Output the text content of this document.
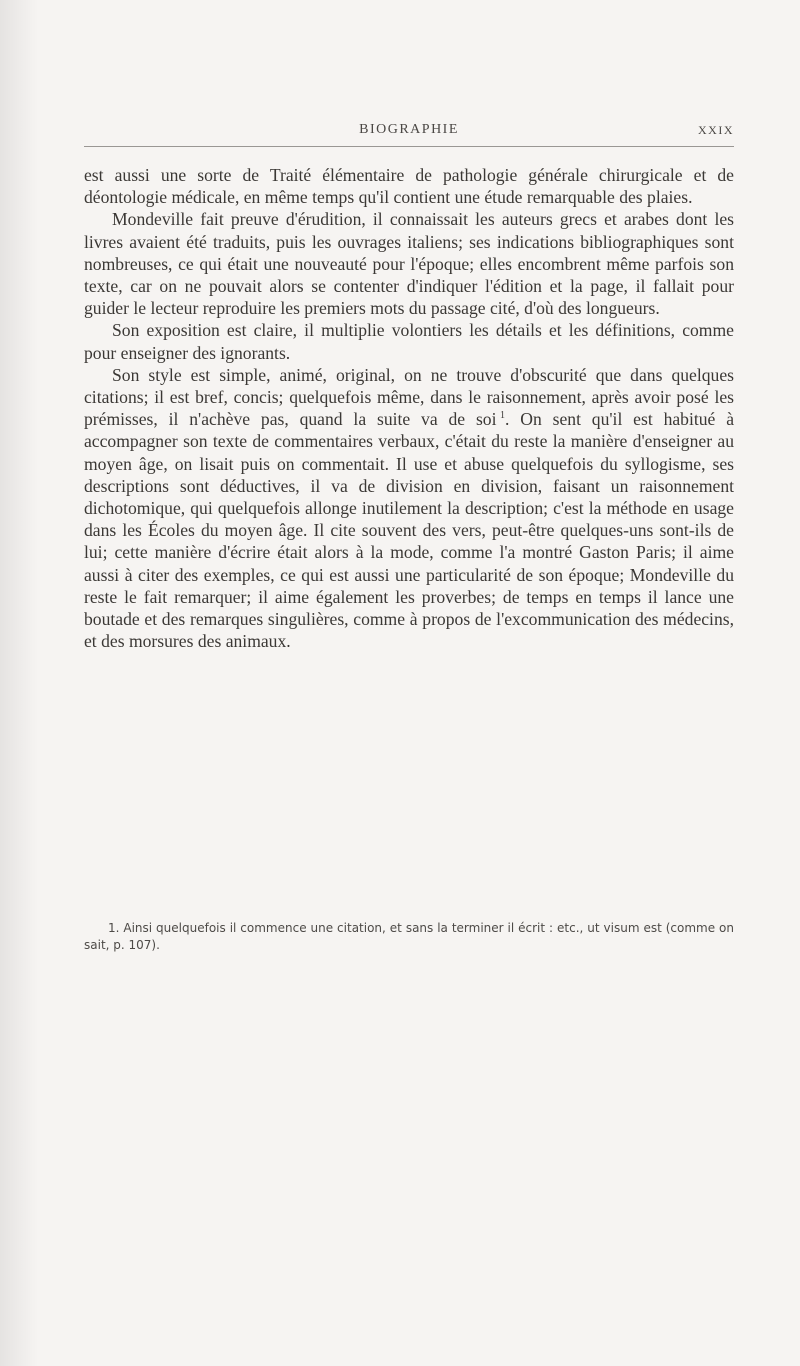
BIOGRAPHIE	XXIX

est aussi une sorte de Traité élémentaire de pathologie générale chirurgicale et de déontologie médicale, en même temps qu'il contient une étude remarquable des plaies.

Mondeville fait preuve d'érudition, il connaissait les auteurs grecs et arabes dont les livres avaient été traduits, puis les ouvrages italiens; ses indications bibliographiques sont nombreuses, ce qui était une nouveauté pour l'époque; elles encombrent même parfois son texte, car on ne pouvait alors se contenter d'indiquer l'édition et la page, il fallait pour guider le lecteur reproduire les premiers mots du passage cité, d'où des longueurs.

Son exposition est claire, il multiplie volontiers les détails et les définitions, comme pour enseigner des ignorants.

Son style est simple, animé, original, on ne trouve d'obscurité que dans quelques citations; il est bref, concis; quelquefois même, dans le raisonnement, après avoir posé les prémisses, il n'achève pas, quand la suite va de soi  $^1$. On sent qu'il est habitué à accompagner son texte de commentaires verbaux, c'était du reste la manière d'enseigner au moyen âge, on lisait puis on commentait. Il use et abuse quelquefois du syllogisme, ses descriptions sont déductives, il va de division en division, faisant un raisonnement dichotomique, qui quelquefois allonge inutilement la description; c'est la méthode en usage dans les Écoles du moyen âge. Il cite souvent des vers, peut-être quelques-uns sont-ils de lui; cette manière d'écrire était alors à la mode, comme l'a montré Gaston Paris; il aime aussi à citer des exemples, ce qui est aussi une particularité de son époque; Mondeville du reste le fait remarquer; il aime également les proverbes; de temps en temps il lance une boutade et des remarques singulières, comme à propos de l'excommunication des médecins, et des morsures des animaux.

1. Ainsi quelquefois il commence une citation, et sans la terminer il écrit : etc., ut visum est (comme on sait, p. 107).
